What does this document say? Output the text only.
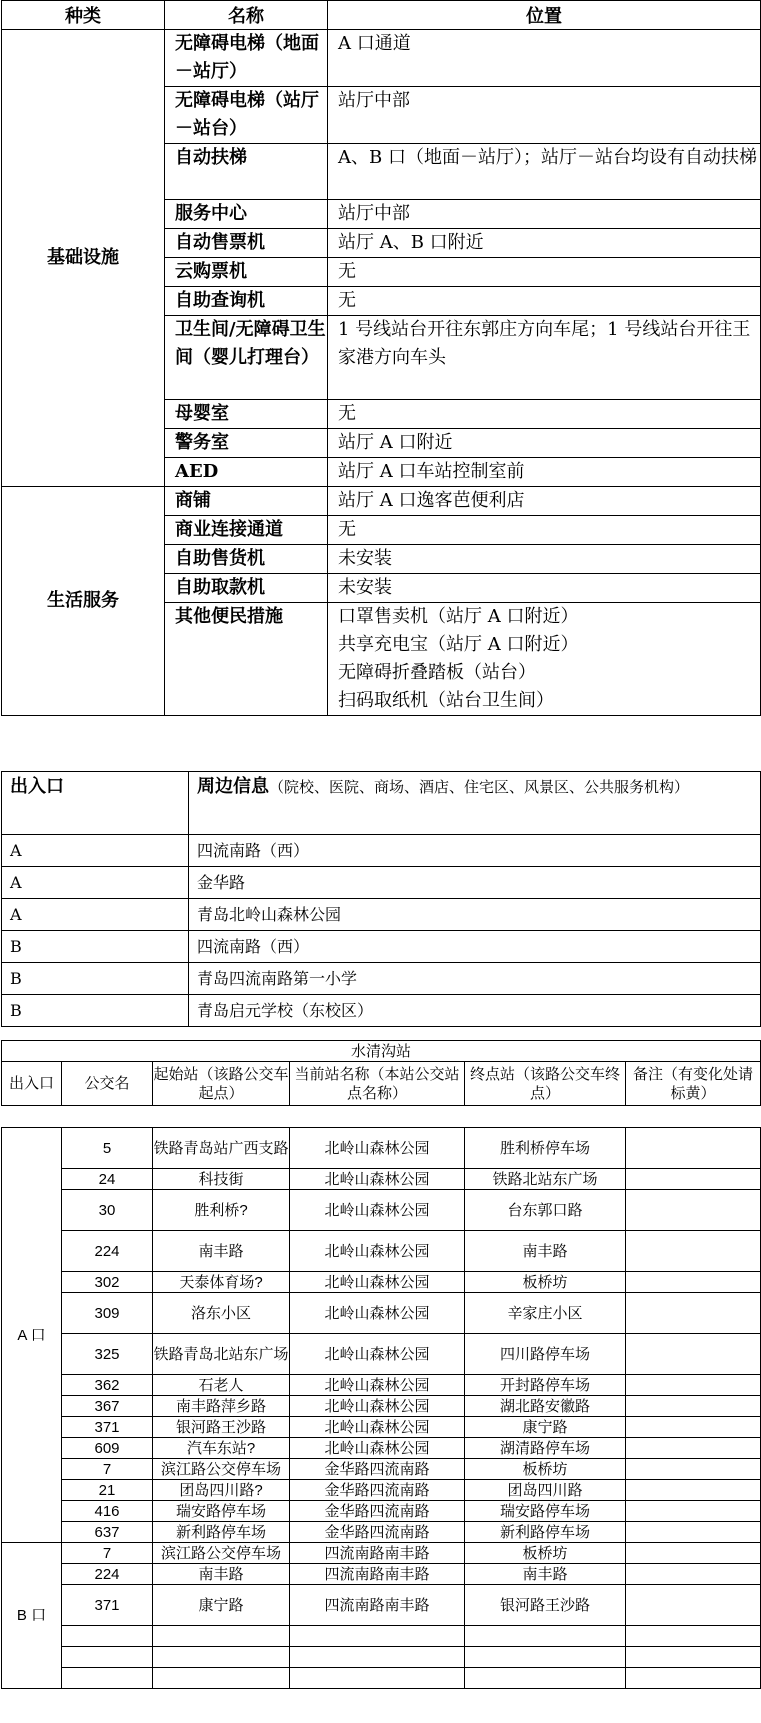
种类	名称	位置
基础设施	无障碍电梯（地面－站厅）	A 口通道
	无障碍电梯（站厅－站台）	站厅中部
	自动扶梯	A、B 口（地面－站厅）；站厅－站台均设有自动扶梯
	服务中心	站厅中部
	自动售票机	站厅 A、B 口附近
	云购票机	无
	自助查询机	无
	卫生间/无障碍卫生间（婴儿打理台）	1 号线站台开往东郭庄方向车尾；1 号线站台开往王家港方向车头
	母婴室	无
	警务室	站厅 A 口附近
	AED	站厅 A 口车站控制室前
生活服务	商铺	站厅 A 口逸客芭便利店
	商业连接通道	无
	自助售货机	未安装
	自助取款机	未安装
	其他便民措施	口罩售卖机（站厅 A 口附近）
共享充电宝（站厅 A 口附近）
无障碍折叠踏板（站台）
扫码取纸机（站台卫生间）
出入口	周边信息（院校、医院、商场、酒店、住宅区、风景区、公共服务机构）
A	四流南路（西）
A	金华路
A	青岛北岭山森林公园
B	四流南路（西）
B	青岛四流南路第一小学
B	青岛启元学校（东校区）
水清沟站
出入口	公交名	起始站（该路公交车起点）	当前站名称（本站公交站点名称）	终点站（该路公交车终点）	备注（有变化处请标黄）
A 口	5	铁路青岛站广西支路	北岭山森林公园	胜利桥停车场	
	24	科技街	北岭山森林公园	铁路北站东广场	
	30	胜利桥?	北岭山森林公园	台东郭口路	
	224	南丰路	北岭山森林公园	南丰路	
	302	天泰体育场?	北岭山森林公园	板桥坊	
	309	洛东小区	北岭山森林公园	辛家庄小区	
	325	铁路青岛北站东广场	北岭山森林公园	四川路停车场	
	362	石老人	北岭山森林公园	开封路停车场	
	367	南丰路萍乡路	北岭山森林公园	湖北路安徽路	
	371	银河路王沙路	北岭山森林公园	康宁路	
	609	汽车东站?	北岭山森林公园	湖清路停车场	
	7	滨江路公交停车场	金华路四流南路	板桥坊	
	21	团岛四川路?	金华路四流南路	团岛四川路	
	416	瑞安路停车场	金华路四流南路	瑞安路停车场	
	637	新利路停车场	金华路四流南路	新利路停车场	
B 口	7	滨江路公交停车场	四流南路南丰路	板桥坊	
	224	南丰路	四流南路南丰路	南丰路	
	371	康宁路	四流南路南丰路	银河路王沙路	
